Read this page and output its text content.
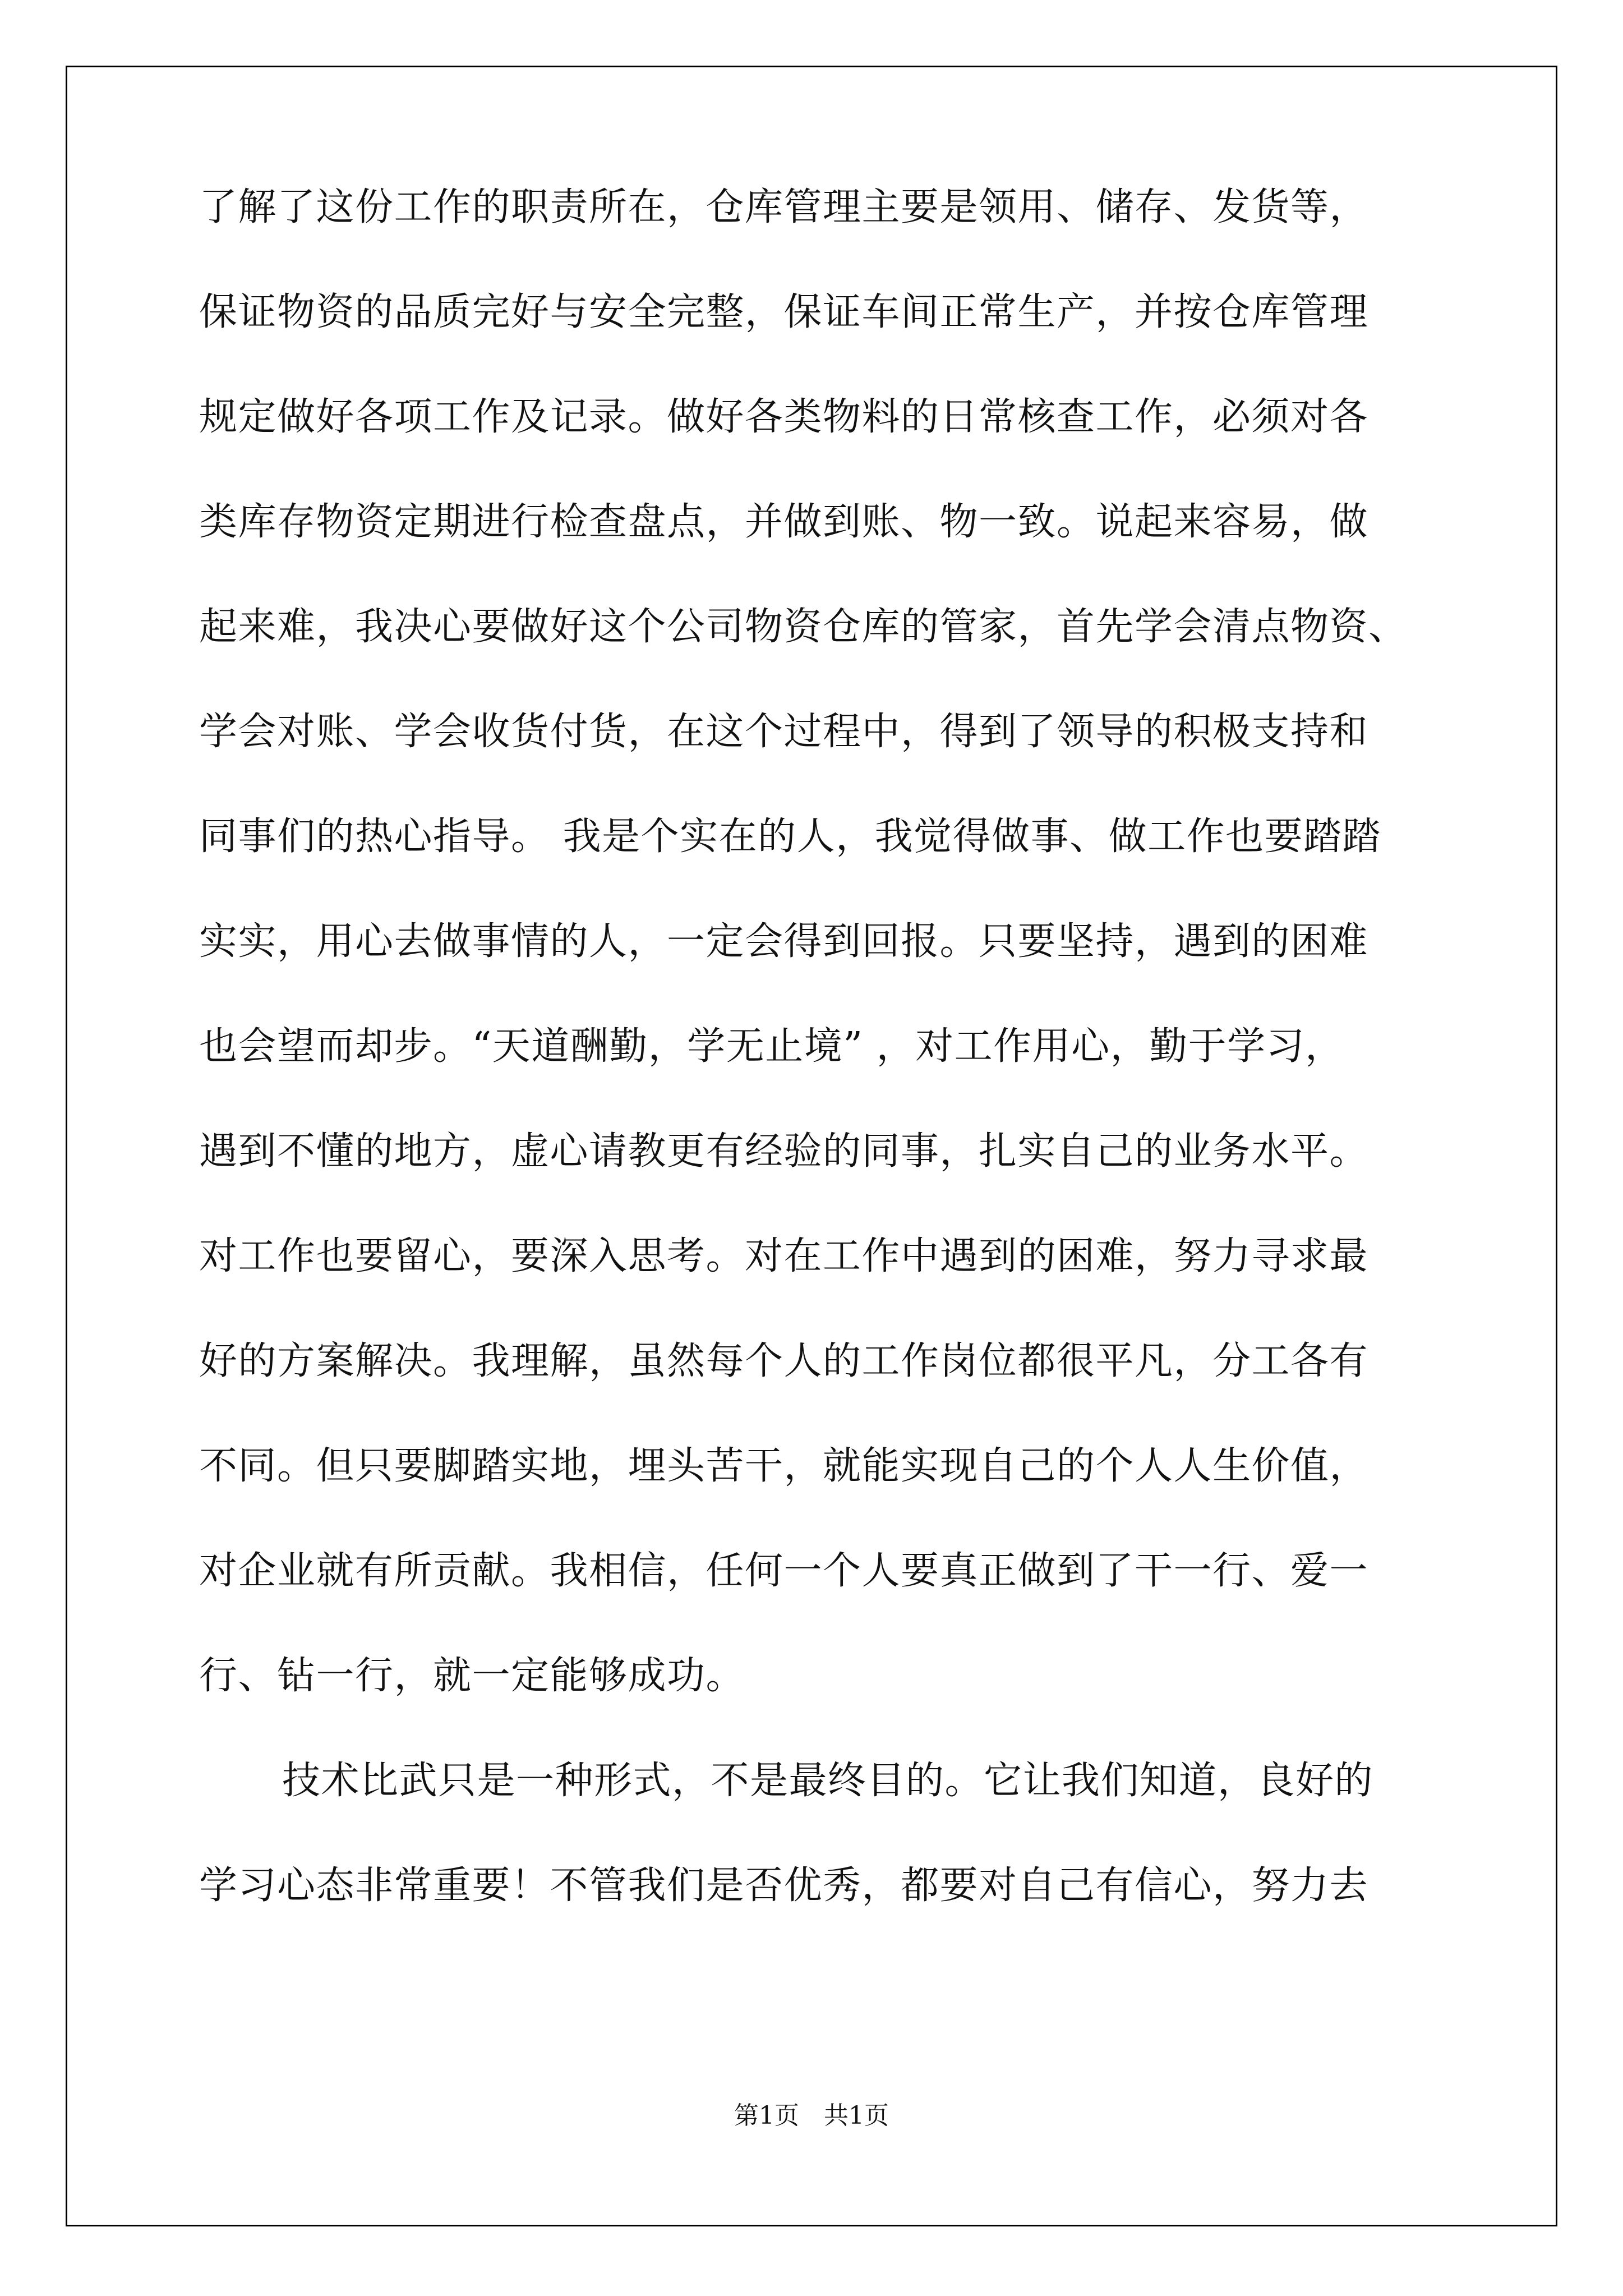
了解了这份工作的职责所在，仓库管理主要是领用、储存、发货等，
保证物资的品质完好与安全完整，保证车间正常生产，并按仓库管理
规定做好各项工作及记录。做好各类物料的日常核查工作，必须对各
类库存物资定期进行检查盘点，并做到账、物一致。说起来容易，做
起来难，我决心要做好这个公司物资仓库的管家，首先学会清点物资、
学会对账、学会收货付货，在这个过程中，得到了领导的积极支持和
同事们的热心指导。 我是个实在的人，我觉得做事、做工作也要踏踏
实实，用心去做事情的人，一定会得到回报。只要坚持，遇到的困难
也会望而却步。“天道酬勤，学无止境” ，对工作用心，勤于学习，
遇到不懂的地方，虚心请教更有经验的同事，扎实自己的业务水平。
对工作也要留心，要深入思考。对在工作中遇到的困难，努力寻求最
好的方案解决。我理解，虽然每个人的工作岗位都很平凡，分工各有
不同。但只要脚踏实地，埋头苦干，就能实现自己的个人人生价值，
对企业就有所贡献。我相信，任何一个人要真正做到了干一行、爱一
行、钻一行，就一定能够成功。
技术比武只是一种形式，不是最终目的。它让我们知道，良好的
学习心态非常重要！不管我们是否优秀，都要对自己有信心，努力去
第1页　共1页
